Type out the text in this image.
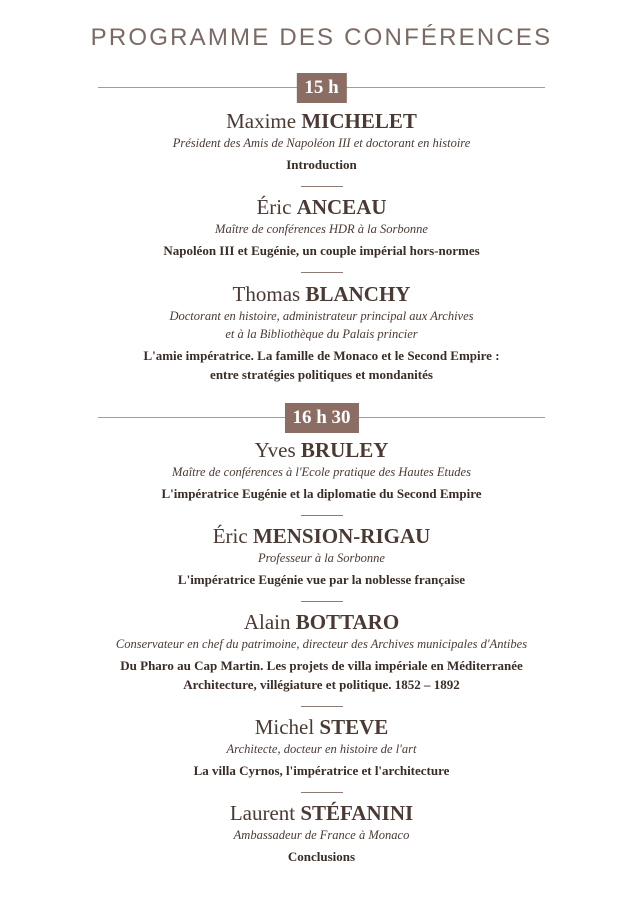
PROGRAMME DES CONFÉRENCES
15 h
Maxime MICHELET
Président des Amis de Napoléon III et doctorant en histoire
Introduction
Éric ANCEAU
Maître de conférences HDR à la Sorbonne
Napoléon III et Eugénie, un couple impérial hors-normes
Thomas BLANCHY
Doctorant en histoire, administrateur principal aux Archives
et à la Bibliothèque du Palais princier
L'amie impératrice. La famille de Monaco et le Second Empire :
entre stratégies politiques et mondanités
16 h 30
Yves BRULEY
Maître de conférences à l'Ecole pratique des Hautes Etudes
L'impératrice Eugénie et la diplomatie du Second Empire
Éric MENSION-RIGAU
Professeur à la Sorbonne
L'impératrice Eugénie vue par la noblesse française
Alain BOTTARO
Conservateur en chef du patrimoine, directeur des Archives municipales d'Antibes
Du Pharo au Cap Martin. Les projets de villa impériale en Méditerranée
Architecture, villégiature et politique. 1852 – 1892
Michel STEVE
Architecte, docteur en histoire de l'art
La villa Cyrnos, l'impératrice et l'architecture
Laurent STÉFANINI
Ambassadeur de France à Monaco
Conclusions
